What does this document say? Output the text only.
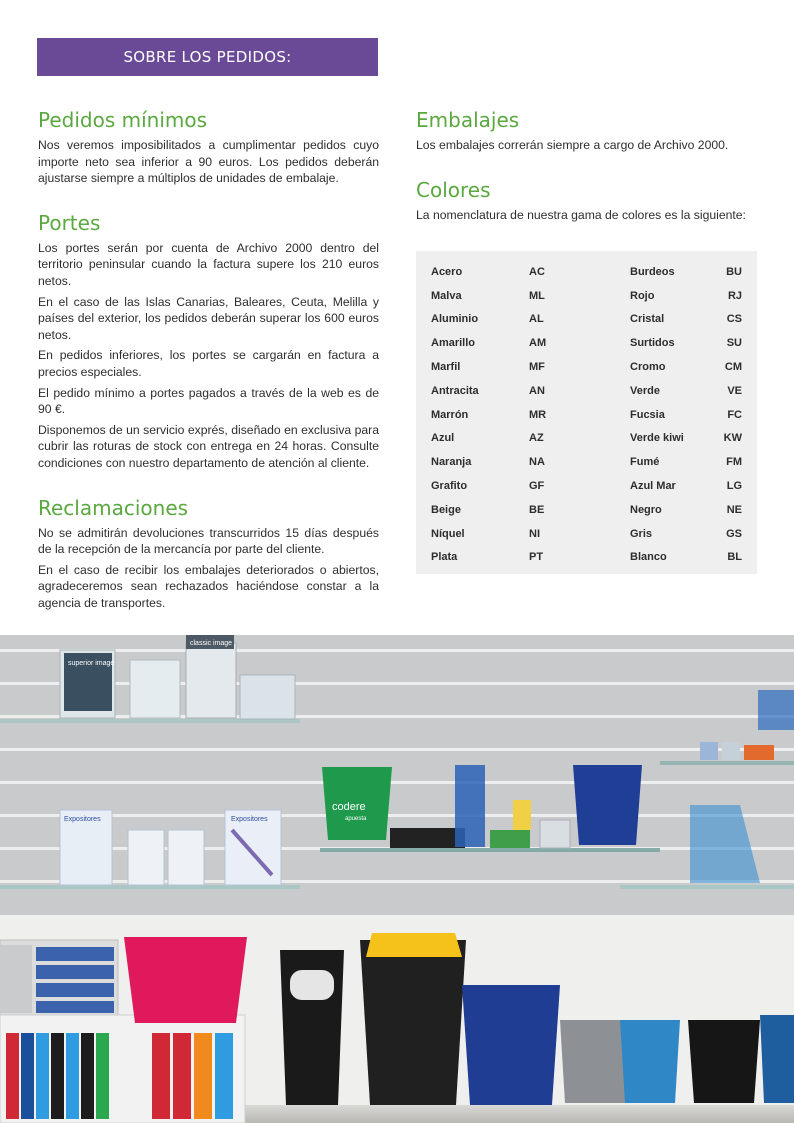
SOBRE LOS PEDIDOS:
Pedidos mínimos

Nos veremos imposibilitados a cumplimentar pedidos cuyo importe neto sea inferior a 90 euros. Los pedidos deberán ajustarse siempre a múltiplos de unidades de embalaje.

Portes

Los portes serán por cuenta de Archivo 2000 dentro del territorio peninsular cuando la factura supere los 210 euros netos.

En el caso de las Islas Canarias, Baleares, Ceuta, Melilla y países del exterior, los pedidos deberán superar los 600 euros netos.

En pedidos inferiores, los portes se cargarán en factura a precios especiales.

El pedido mínimo a portes pagados a través de la web es de 90 €.

Disponemos de un servicio exprés, diseñado en exclusiva para cubrir las roturas de stock con entrega en 24 horas. Consulte condiciones con nuestro departamento de atención al cliente.

Reclamaciones

No se admitirán devoluciones transcurridos 15 días después de la recepción de la mercancía por parte del cliente.

En el caso de recibir los embalajes deteriorados o abiertos, agradeceremos sean rechazados haciéndose constar a la agencia de transportes.

Embalajes

Los embalajes correrán siempre a cargo de Archivo 2000.

Colores

La nomenclatura de nuestra gama de colores es la siguiente:

Acero	AC	Burdeos	BU
Malva	ML	Rojo	RJ
Aluminio	AL	Cristal	CS
Amarillo	AM	Surtidos	SU
Marfil	MF	Cromo	CM
Antracita	AN	Verde	VE
Marrón	MR	Fucsia	FC
Azul	AZ	Verde kiwi	KW
Naranja	NA	Fumé	FM
Grafito	GF	Azul Mar	LG
Beige	BE	Negro	NE
Níquel	NI	Gris	GS
Plata	PT	Blanco	BL
superior image
classic image
Expositores	Expositores
codere
apuesta
